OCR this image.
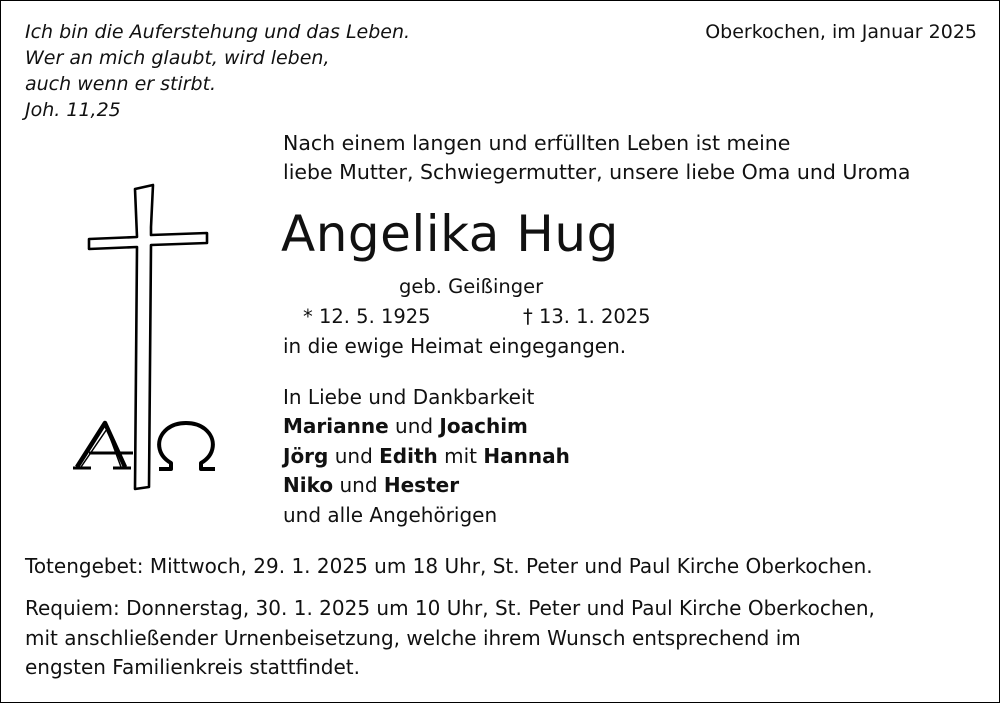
Ich bin die Auferstehung und das Leben.
Wer an mich glaubt, wird leben,
auch wenn er stirbt.
Joh. 11,25
Oberkochen, im Januar 2025
Nach einem langen und erfüllten Leben ist meine
liebe Mutter, Schwiegermutter, unsere liebe Oma und Uroma
Angelika Hug
geb. Geißinger
* 12. 5. 1925	† 13. 1. 2025
in die ewige Heimat eingegangen.
In Liebe und Dankbarkeit
Marianne und Joachim
Jörg und Edith mit Hannah
Niko und Hester
und alle Angehörigen
Totengebet: Mittwoch, 29. 1. 2025 um 18 Uhr, St. Peter und Paul Kirche Oberkochen.
Requiem: Donnerstag, 30. 1. 2025 um 10 Uhr, St. Peter und Paul Kirche Oberkochen,
mit anschließender Urnenbeisetzung, welche ihrem Wunsch entsprechend im
engsten Familienkreis stattfindet.
